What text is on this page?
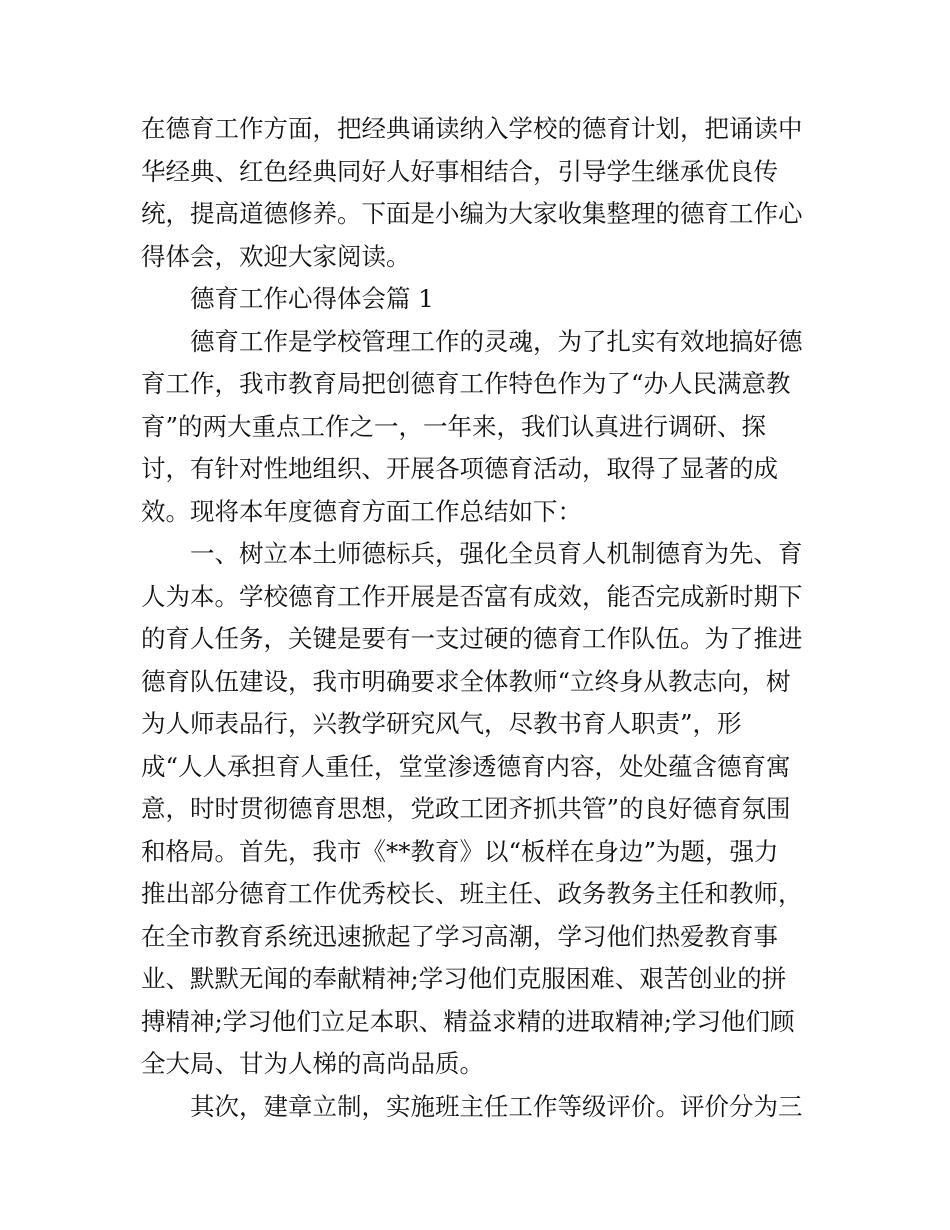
在德育工作方面，把经典诵读纳入学校的德育计划，把诵读中
华经典、红色经典同好人好事相结合，引导学生继承优良传
统，提高道德修养。下面是小编为大家收集整理的德育工作心
得体会，欢迎大家阅读。
德育工作心得体会篇 1
德育工作是学校管理工作的灵魂，为了扎实有效地搞好德
育工作，我市教育局把创德育工作特色作为了“办人民满意教
育”的两大重点工作之一，一年来，我们认真进行调研、探
讨，有针对性地组织、开展各项德育活动，取得了显著的成
效。现将本年度德育方面工作总结如下：
一、树立本土师德标兵，强化全员育人机制德育为先、育
人为本。学校德育工作开展是否富有成效，能否完成新时期下
的育人任务，关键是要有一支过硬的德育工作队伍。为了推进
德育队伍建设，我市明确要求全体教师“立终身从教志向，树
为人师表品行，兴教学研究风气，尽教书育人职责”，形
成“人人承担育人重任，堂堂渗透德育内容，处处蕴含德育寓
意，时时贯彻德育思想，党政工团齐抓共管”的良好德育氛围
和格局。首先，我市《**教育》以“板样在身边”为题，强力
推出部分德育工作优秀校长、班主任、政务教务主任和教师，
在全市教育系统迅速掀起了学习高潮，学习他们热爱教育事
业、默默无闻的奉献精神;学习他们克服困难、艰苦创业的拼
搏精神;学习他们立足本职、精益求精的进取精神;学习他们顾
全大局、甘为人梯的高尚品质。
其次，建章立制，实施班主任工作等级评价。评价分为三
